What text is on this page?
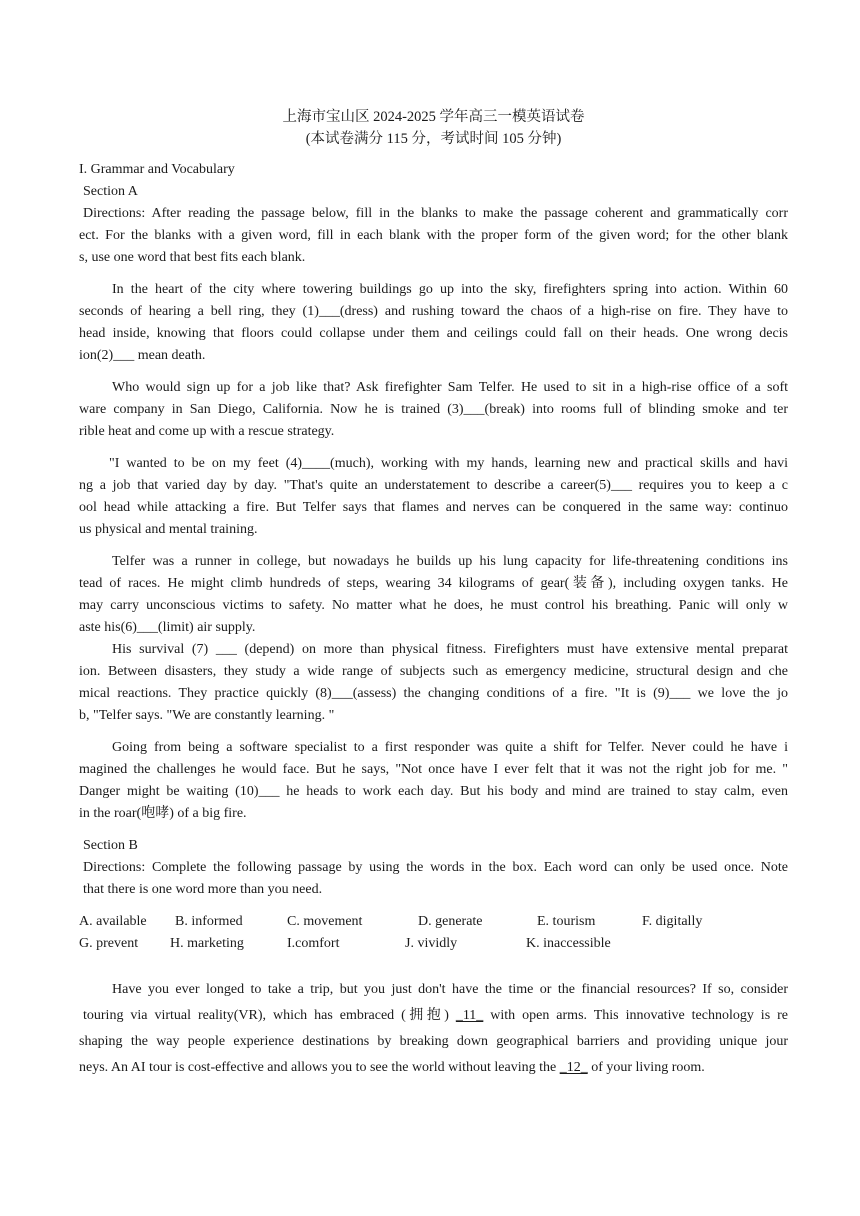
上海市宝山区 2024-2025 学年高三一模英语试卷
(本试卷满分 115 分，考试时间 105 分钟)
I. Grammar and Vocabulary
Section A
Directions: After reading the passage below, fill in the blanks to make the passage coherent and grammatically corr
ect. For the blanks with a given word, fill in each blank with the proper form of the given word; for the other blank
s, use one word that best fits each blank.
In the heart of the city where towering buildings go up into the sky, firefighters spring into action. Within 60
seconds of hearing a bell ring, they (1)___(dress) and rushing toward the chaos of a high-rise on fire. They have to
head inside, knowing that floors could collapse under them and ceilings could fall on their heads. One wrong decis
ion(2)___ mean death.
Who would sign up for a job like that? Ask firefighter Sam Telfer. He used to sit in a high-rise office of a soft
ware company in San Diego, California. Now he is trained (3)___(break) into rooms full of blinding smoke and ter
rible heat and come up with a rescue strategy.
"I wanted to be on my feet (4)____(much), working with my hands, learning new and practical skills and havi
ng a job that varied day by day. "That's quite an understatement to describe a career(5)___ requires you to keep a c
ool head while attacking a fire. But Telfer says that flames and nerves can be conquered in the same way: continuo
us physical and mental training.
Telfer was a runner in college, but nowadays he builds up his lung capacity for life-threatening conditions ins
tead of races. He might climb hundreds of steps, wearing 34 kilograms of gear(装备), including oxygen tanks. He
may carry unconscious victims to safety. No matter what he does, he must control his breathing. Panic will only w
aste his(6)___(limit) air supply.
His survival (7) ___ (depend) on more than physical fitness. Firefighters must have extensive mental preparat
ion. Between disasters, they study a wide range of subjects such as emergency medicine, structural design and che
mical reactions. They practice quickly (8)___(assess) the changing conditions of a fire. "It is (9)___ we love the jo
b, "Telfer says. "We are constantly learning. "
Going from being a software specialist to a first responder was quite a shift for Telfer. Never could he have i
magined the challenges he would face. But he says, "Not once have I ever felt that it was not the right job for me. "
Danger might be waiting (10)___ he heads to work each day. But his body and mind are trained to stay calm, even
in the roar(咆哮) of a big fire.
Section B
Directions: Complete the following passage by using the words in the box. Each word can only be used once. Note
that there is one word more than you need.
A. available B. informed	C. movement	D. generate	E. tourism	F. digitally
G. prevent H. marketing	I.comfort	J. vividly	K. inaccessible
Have you ever longed to take a trip, but you just don't have the time or the financial resources? If so, consider
touring via virtual reality(VR), which has embraced (拥抱) _11_ with open arms. This innovative technology is re
shaping the way people experience destinations by breaking down geographical barriers and providing unique jour
neys. An AI tour is cost-effective and allows you to see the world without leaving the _12_ of your living room.
